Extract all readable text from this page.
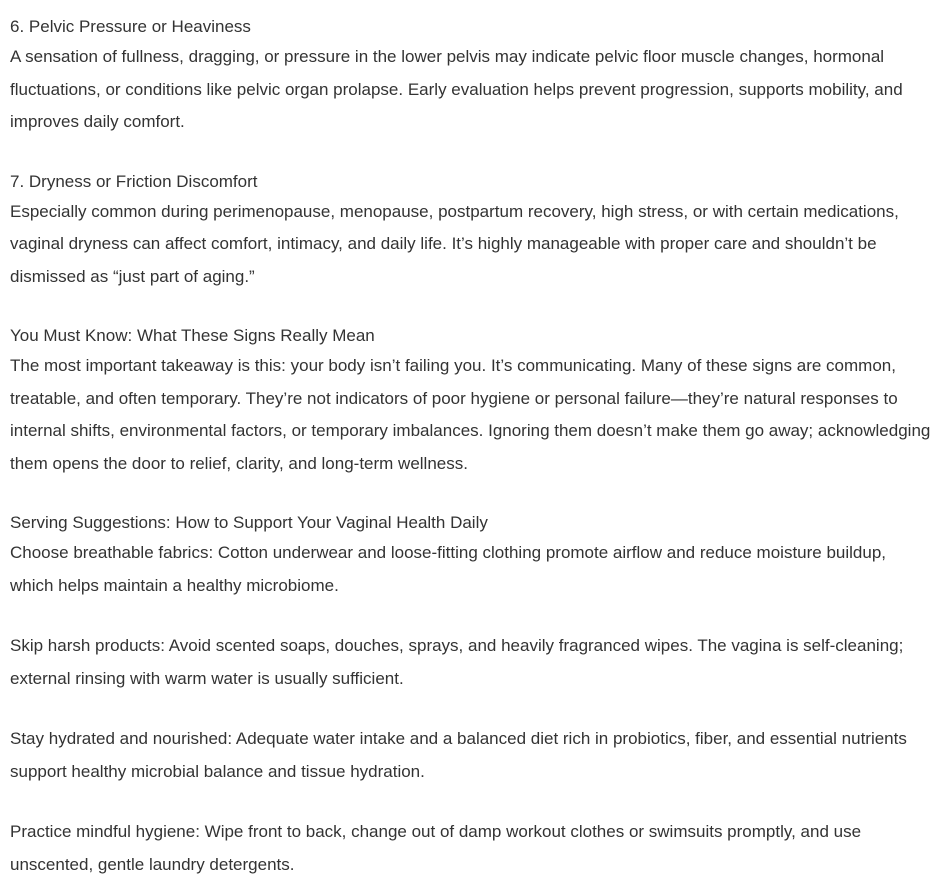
6. Pelvic Pressure or Heaviness

A sensation of fullness, dragging, or pressure in the lower pelvis may indicate pelvic floor muscle changes, hormonal fluctuations, or conditions like pelvic organ prolapse. Early evaluation helps prevent progression, supports mobility, and improves daily comfort.

7. Dryness or Friction Discomfort

Especially common during perimenopause, menopause, postpartum recovery, high stress, or with certain medications, vaginal dryness can affect comfort, intimacy, and daily life. It’s highly manageable with proper care and shouldn’t be dismissed as “just part of aging.”

You Must Know: What These Signs Really Mean

The most important takeaway is this: your body isn’t failing you. It’s communicating. Many of these signs are common, treatable, and often temporary. They’re not indicators of poor hygiene or personal failure—they’re natural responses to internal shifts, environmental factors, or temporary imbalances. Ignoring them doesn’t make them go away; acknowledging them opens the door to relief, clarity, and long-term wellness.

Serving Suggestions: How to Support Your Vaginal Health Daily

Choose breathable fabrics: Cotton underwear and loose-fitting clothing promote airflow and reduce moisture buildup, which helps maintain a healthy microbiome.

Skip harsh products: Avoid scented soaps, douches, sprays, and heavily fragranced wipes. The vagina is self-cleaning; external rinsing with warm water is usually sufficient.

Stay hydrated and nourished: Adequate water intake and a balanced diet rich in probiotics, fiber, and essential nutrients support healthy microbial balance and tissue hydration.

Practice mindful hygiene: Wipe front to back, change out of damp workout clothes or swimsuits promptly, and use unscented, gentle laundry detergents.
